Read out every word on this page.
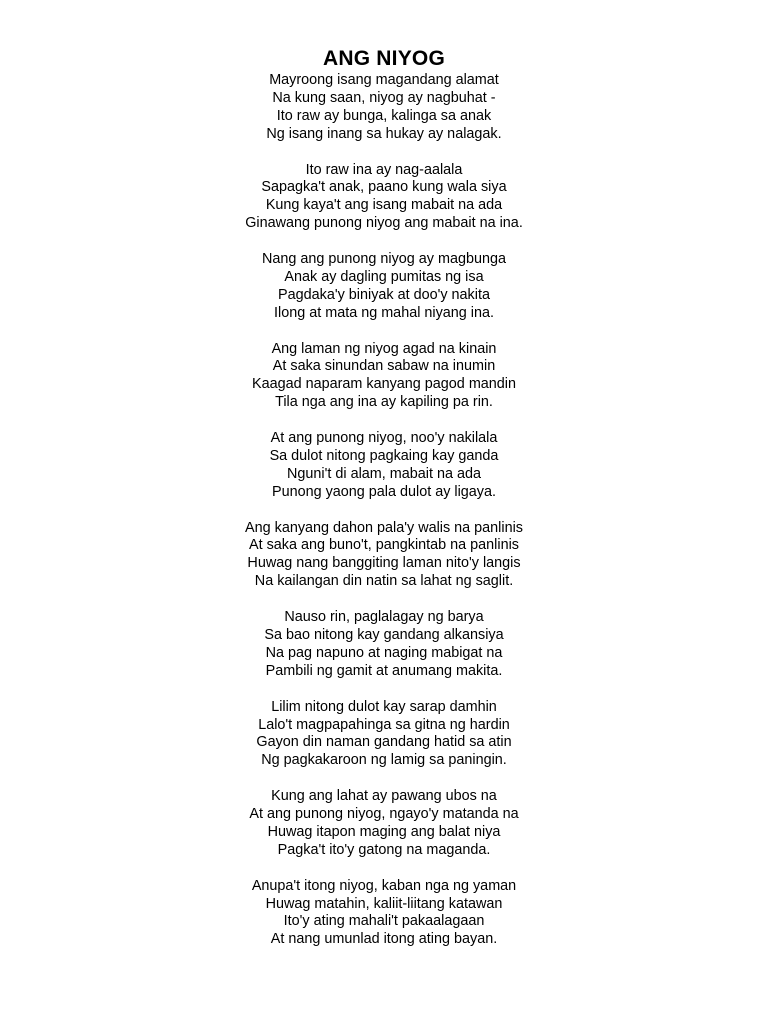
ANG NIYOG
Mayroong isang magandang alamat
Na kung saan, niyog ay nagbuhat -
Ito raw ay bunga, kalinga sa anak
Ng isang inang sa hukay ay nalagak.
Ito raw ina ay nag-aalala
Sapagka't anak, paano kung wala siya
Kung kaya't ang isang mabait na ada
Ginawang punong niyog ang mabait na ina.
Nang ang punong niyog ay magbunga
Anak ay dagling pumitas ng isa
Pagdaka'y biniyak at doo'y nakita
Ilong at mata ng mahal niyang ina.
Ang laman ng niyog agad na kinain
At saka sinundan sabaw na inumin
Kaagad naparam kanyang pagod mandin
Tila nga ang ina ay kapiling pa rin.
At ang punong niyog, noo'y nakilala
Sa dulot nitong pagkaing kay ganda
Nguni't di alam, mabait na ada
Punong yaong pala dulot ay ligaya.
Ang kanyang dahon pala'y walis na panlinis
At saka ang buno't, pangkintab na panlinis
Huwag nang banggiting laman nito'y langis
Na kailangan din natin sa lahat ng saglit.
Nauso rin, paglalagay ng barya
Sa bao nitong kay gandang alkansiya
Na pag napuno at naging mabigat na
Pambili ng gamit at anumang makita.
Lilim nitong dulot kay sarap damhin
Lalo't magpapahinga sa gitna ng hardin
Gayon din naman gandang hatid sa atin
Ng pagkakaroon ng lamig sa paningin.
Kung ang lahat ay pawang ubos na
At ang punong niyog, ngayo'y matanda na
Huwag itapon maging ang balat niya
Pagka't ito'y gatong na maganda.
Anupa't itong niyog, kaban nga ng yaman
Huwag matahin, kaliit-liitang katawan
Ito'y ating mahali't pakaalagaan
At nang umunlad itong ating bayan.
